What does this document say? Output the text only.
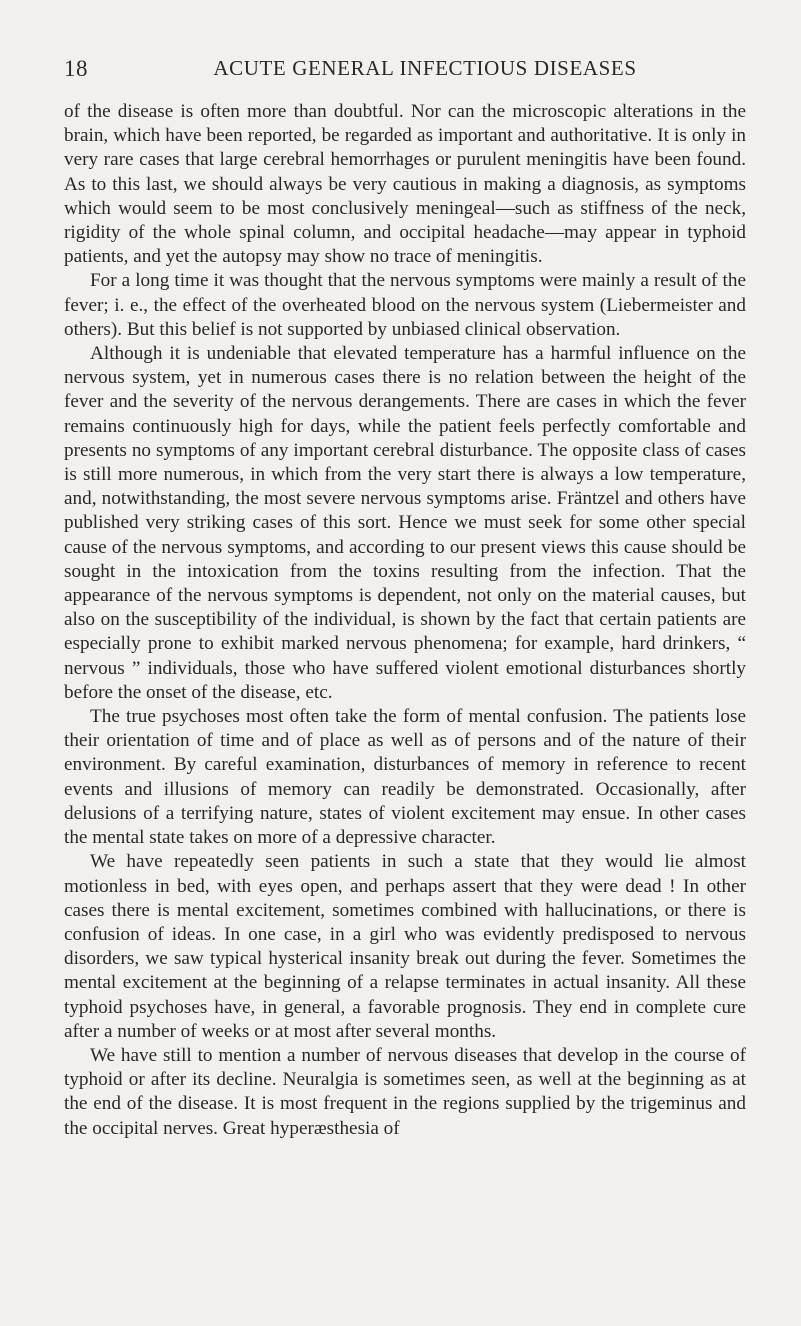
18	ACUTE GENERAL INFECTIOUS DISEASES

of the disease is often more than doubtful. Nor can the microscopic alterations in the brain, which have been reported, be regarded as important and authoritative. It is only in very rare cases that large cerebral hemorrhages or purulent meningitis have been found. As to this last, we should always be very cautious in making a diagnosis, as symptoms which would seem to be most conclusively meningeal—such as stiffness of the neck, rigidity of the whole spinal column, and occipital headache—may appear in typhoid patients, and yet the autopsy may show no trace of meningitis.

For a long time it was thought that the nervous symptoms were mainly a result of the fever; i. e., the effect of the overheated blood on the nervous system (Liebermeister and others). But this belief is not supported by unbiased clinical observation.

Although it is undeniable that elevated temperature has a harmful influence on the nervous system, yet in numerous cases there is no relation between the height of the fever and the severity of the nervous derangements. There are cases in which the fever remains continuously high for days, while the patient feels perfectly comfortable and presents no symptoms of any important cerebral disturbance. The opposite class of cases is still more numerous, in which from the very start there is always a low temperature, and, notwithstanding, the most severe nervous symptoms arise. Fräntzel and others have published very striking cases of this sort. Hence we must seek for some other special cause of the nervous symptoms, and according to our present views this cause should be sought in the intoxication from the toxins resulting from the infection. That the appearance of the nervous symptoms is dependent, not only on the material causes, but also on the susceptibility of the individual, is shown by the fact that certain patients are especially prone to exhibit marked nervous phenomena; for example, hard drinkers, “ nervous ” individuals, those who have suffered violent emotional disturbances shortly before the onset of the disease, etc.

The true psychoses most often take the form of mental confusion. The patients lose their orientation of time and of place as well as of persons and of the nature of their environment. By careful examination, disturbances of memory in reference to recent events and illusions of memory can readily be demonstrated. Occasionally, after delusions of a terrifying nature, states of violent excitement may ensue. In other cases the mental state takes on more of a depressive character.

We have repeatedly seen patients in such a state that they would lie almost motionless in bed, with eyes open, and perhaps assert that they were dead ! In other cases there is mental excitement, sometimes combined with hallucinations, or there is confusion of ideas. In one case, in a girl who was evidently predisposed to nervous disorders, we saw typical hysterical insanity break out during the fever. Sometimes the mental excitement at the beginning of a relapse terminates in actual insanity. All these typhoid psychoses have, in general, a favorable prognosis. They end in complete cure after a number of weeks or at most after several months.

We have still to mention a number of nervous diseases that develop in the course of typhoid or after its decline. Neuralgia is sometimes seen, as well at the beginning as at the end of the disease. It is most frequent in the regions supplied by the trigeminus and the occipital nerves. Great hyperæsthesia of
